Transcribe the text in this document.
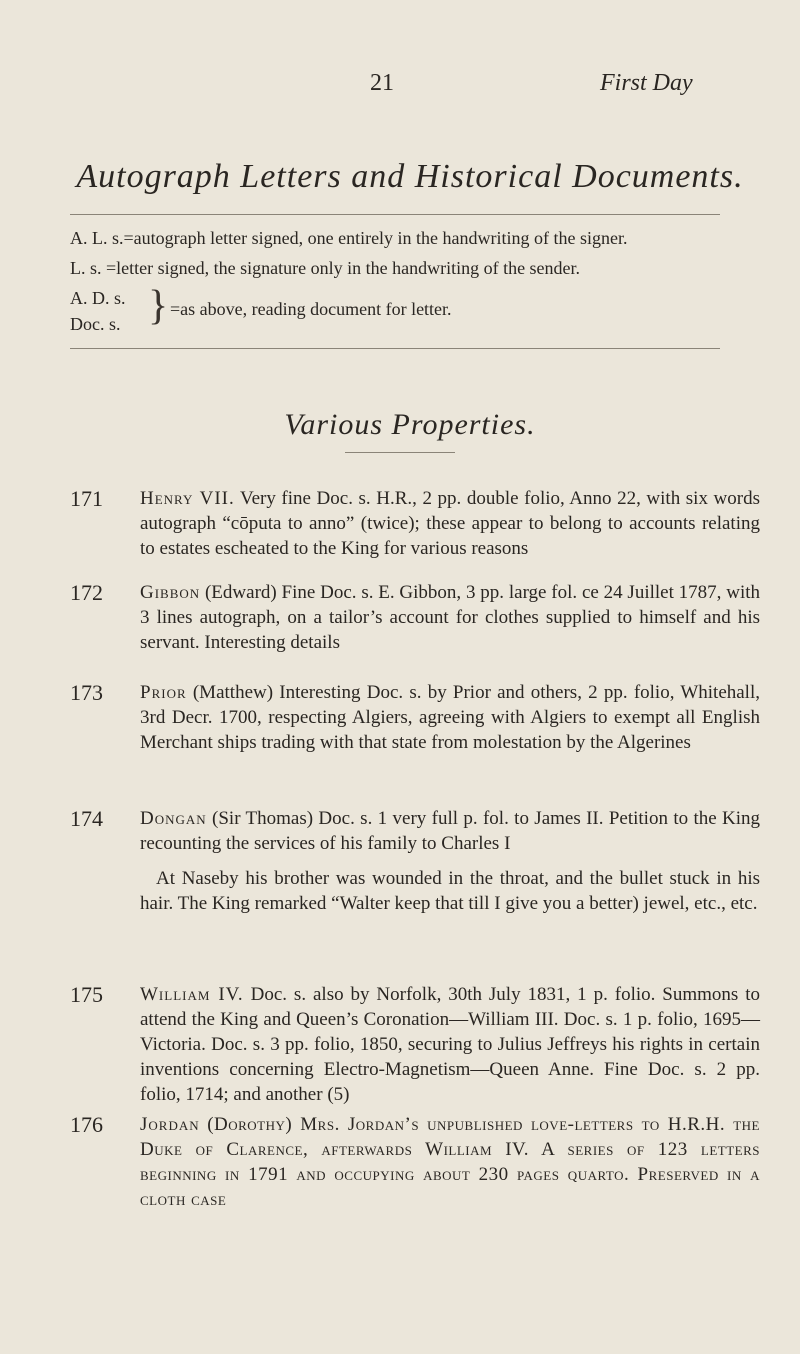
21	First Day
Autograph Letters and Historical Documents.
A. L. s.=autograph letter signed, one entirely in the handwriting of the signer.
L. s. =letter signed, the signature only in the handwriting of the sender.
A. D. s.
Doc. s. } =as above, reading document for letter.
Various Properties.
171 Henry VII. Very fine Doc. s. H.R., 2 pp. double folio, Anno 22, with six words autograph “cōputa to anno” (twice); these appear to belong to accounts relating to estates escheated to the King for various reasons
172 Gibbon (Edward) Fine Doc. s. E. Gibbon, 3 pp. large fol. ce 24 Juillet 1787, with 3 lines autograph, on a tailor’s account for clothes supplied to himself and his servant. Interesting details
173 Prior (Matthew) Interesting Doc. s. by Prior and others, 2 pp. folio, Whitehall, 3rd Decr. 1700, respecting Algiers, agreeing with Algiers to exempt all English Merchant ships trading with that state from molestation by the Algerines
174 Dongan (Sir Thomas) Doc. s. 1 very full p. fol. to James II. Petition to the King recounting the services of his family to Charles I
At Naseby his brother was wounded in the throat, and the bullet stuck in his hair. The King remarked “Walter keep that till I give you a better) jewel, etc., etc.
175 William IV. Doc. s. also by Norfolk, 30th July 1831, 1 p. folio. Summons to attend the King and Queen’s Coronation—William III. Doc. s. 1 p. folio, 1695—Victoria. Doc. s. 3 pp. folio, 1850, securing to Julius Jeffreys his rights in certain inventions concerning Electro-Magnetism—Queen Anne. Fine Doc. s. 2 pp. folio, 1714; and another (5)
176 Jordan (Dorothy) Mrs. Jordan’s unpublished love-letters to H.R.H. the Duke of Clarence, afterwards William IV. A series of 123 letters beginning in 1791 and occupying about 230 pages quarto. Preserved in a cloth case
